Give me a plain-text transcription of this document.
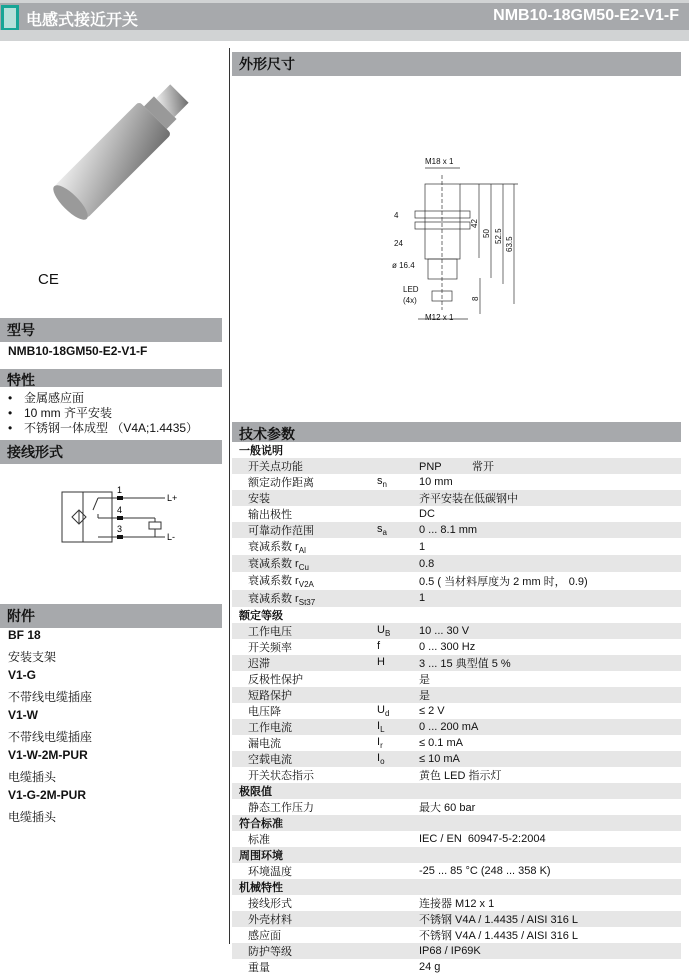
电感式接近开关	NMB10-18GM50-E2-V1-F
CE
型号
NMB10-18GM50-E2-V1-F
特性
• 金属感应面
• 10 mm 齐平安装
• 不锈钢一体成型 （V4A;1.4435）
接线形式
1
4
3
L+
L-
附件
BF 18
安装支架
V1-G
不带线电缆插座
V1-W
不带线电缆插座
V1-W-2M-PUR
电缆插头
V1-G-2M-PUR
电缆插头
外形尺寸
M18 x 1
M12 x 1
4
24
ø 16.4
LED
(4x)
42
50 52.5
63.5
8
技术参数
一般说明		
开关点功能		PNP          常开
额定动作距离	$s_n$	10 mm
安装		齐平安装在低碳钢中
输出极性		DC
可靠动作范围	$s_a$	0 ... 8.1 mm
衰减系数 $r_{Al}$		1
衰减系数 $r_{Cu}$		0.8
衰减系数 $r_{V2A}$		0.5 ( 当材料厚度为 2 mm 时， 0.9)
衰减系数 $r_{St37}$		1
额定等级		
工作电压	$U_B$	10 ... 30 V
开关频率	f	0 ... 300 Hz
迟滞	H	3 ... 15 典型值 5 %
反极性保护		是
短路保护		是
电压降	$U_d$	≤ 2 V
工作电流	$I_L$	0 ... 200 mA
漏电流	$I_r$	≤ 0.1 mA
空载电流	$I_o$	≤ 10 mA
开关状态指示		黄色 LED 指示灯
极限值		
静态工作压力		最大 60 bar
符合标准		
标准		IEC / EN  60947-5-2:2004
周围环境		
环境温度		-25 ... 85 °C (248 ... 358 K)
机械特性		
接线形式		连接器 M12 x 1
外壳材料		不锈钢 V4A / 1.4435 / AISI 316 L
感应面		不锈钢 V4A / 1.4435 / AISI 316 L
防护等级		IP68 / IP69K
重量		24 g
